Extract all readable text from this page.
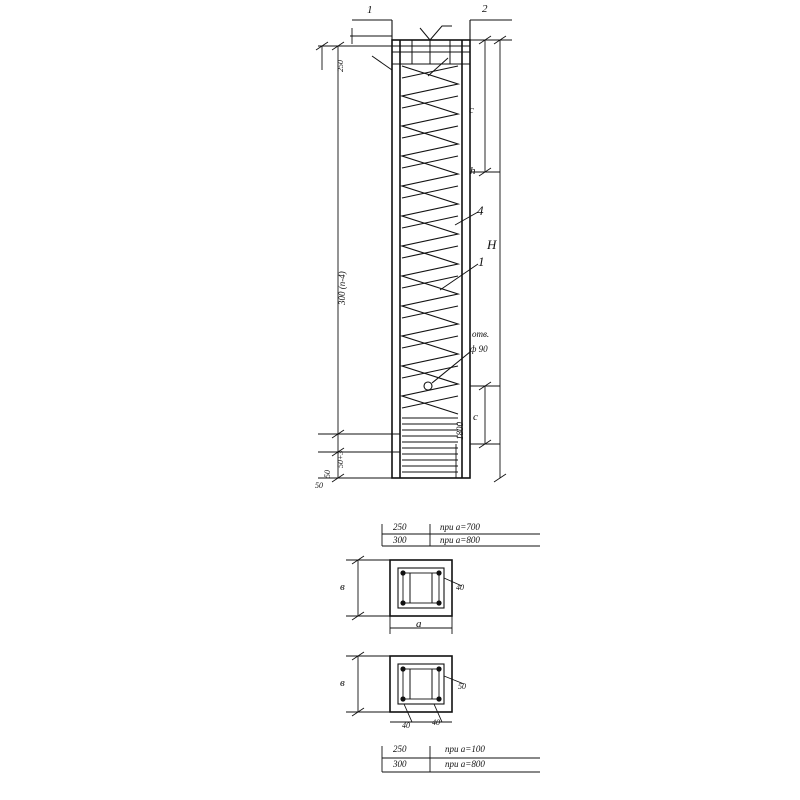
1	2
250
300 (n-4)
50+3
50
50
c
h
4
H
1
c
1800
отв.
ф 90
250	при a=700
300	при a=800
в
a
40
в	50
40	40
250	при a=100
300	при a=800
